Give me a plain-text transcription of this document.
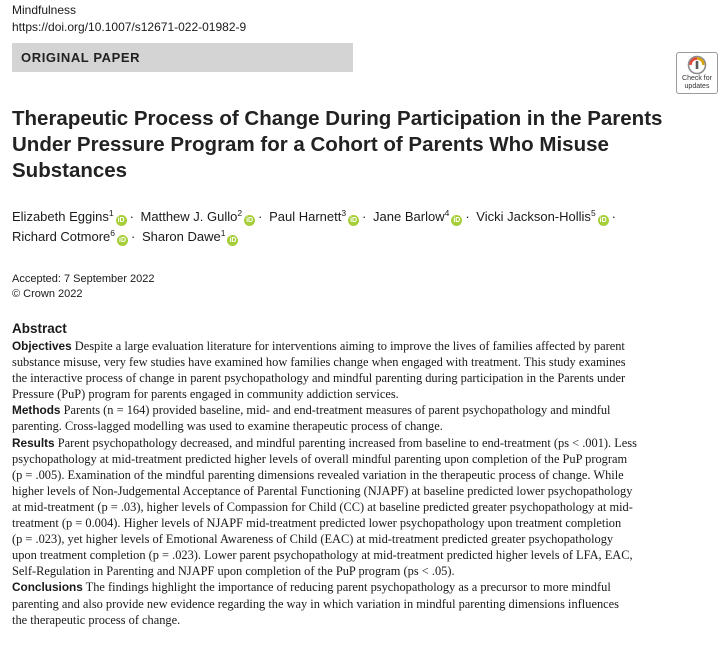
Mindfulness
https://doi.org/10.1007/s12671-022-01982-9
ORIGINAL PAPER
Check for
updates
Therapeutic Process of Change During Participation in the Parents
Under Pressure Program for a Cohort of Parents Who Misuse
Substances
Elizabeth Eggins$^1$iD · Matthew J. Gullo$^2$iD · Paul Harnett$^3$iD · Jane Barlow$^4$iD · Vicki Jackson-Hollis$^5$iD ·
Richard Cotmore$^6$iD · Sharon Dawe$^1$iD
Accepted: 7 September 2022
© Crown 2022
Abstract
Objectives Despite a large evaluation literature for interventions aiming to improve the lives of families affected by parent
substance misuse, very few studies have examined how families change when engaged with treatment. This study examines
the interactive process of change in parent psychopathology and mindful parenting during participation in the Parents under
Pressure (PuP) program for parents engaged in community addiction services.
Methods Parents (n = 164) provided baseline, mid- and end-treatment measures of parent psychopathology and mindful
parenting. Cross-lagged modelling was used to examine therapeutic process of change.
Results Parent psychopathology decreased, and mindful parenting increased from baseline to end-treatment (ps < .001). Less
psychopathology at mid-treatment predicted higher levels of overall mindful parenting upon completion of the PuP program
(p = .005). Examination of the mindful parenting dimensions revealed variation in the therapeutic process of change. While
higher levels of Non-Judgemental Acceptance of Parental Functioning (NJAPF) at baseline predicted lower psychopathology
at mid-treatment (p = .03), higher levels of Compassion for Child (CC) at baseline predicted greater psychopathology at mid-
treatment (p = 0.004). Higher levels of NJAPF mid-treatment predicted lower psychopathology upon treatment completion
(p = .023), yet higher levels of Emotional Awareness of Child (EAC) at mid-treatment predicted greater psychopathology
upon treatment completion (p = .023). Lower parent psychopathology at mid-treatment predicted higher levels of LFA, EAC,
Self-Regulation in Parenting and NJAPF upon completion of the PuP program (ps < .05).
Conclusions The findings highlight the importance of reducing parent psychopathology as a precursor to more mindful
parenting and also provide new evidence regarding the way in which variation in mindful parenting dimensions influences
the therapeutic process of change.
